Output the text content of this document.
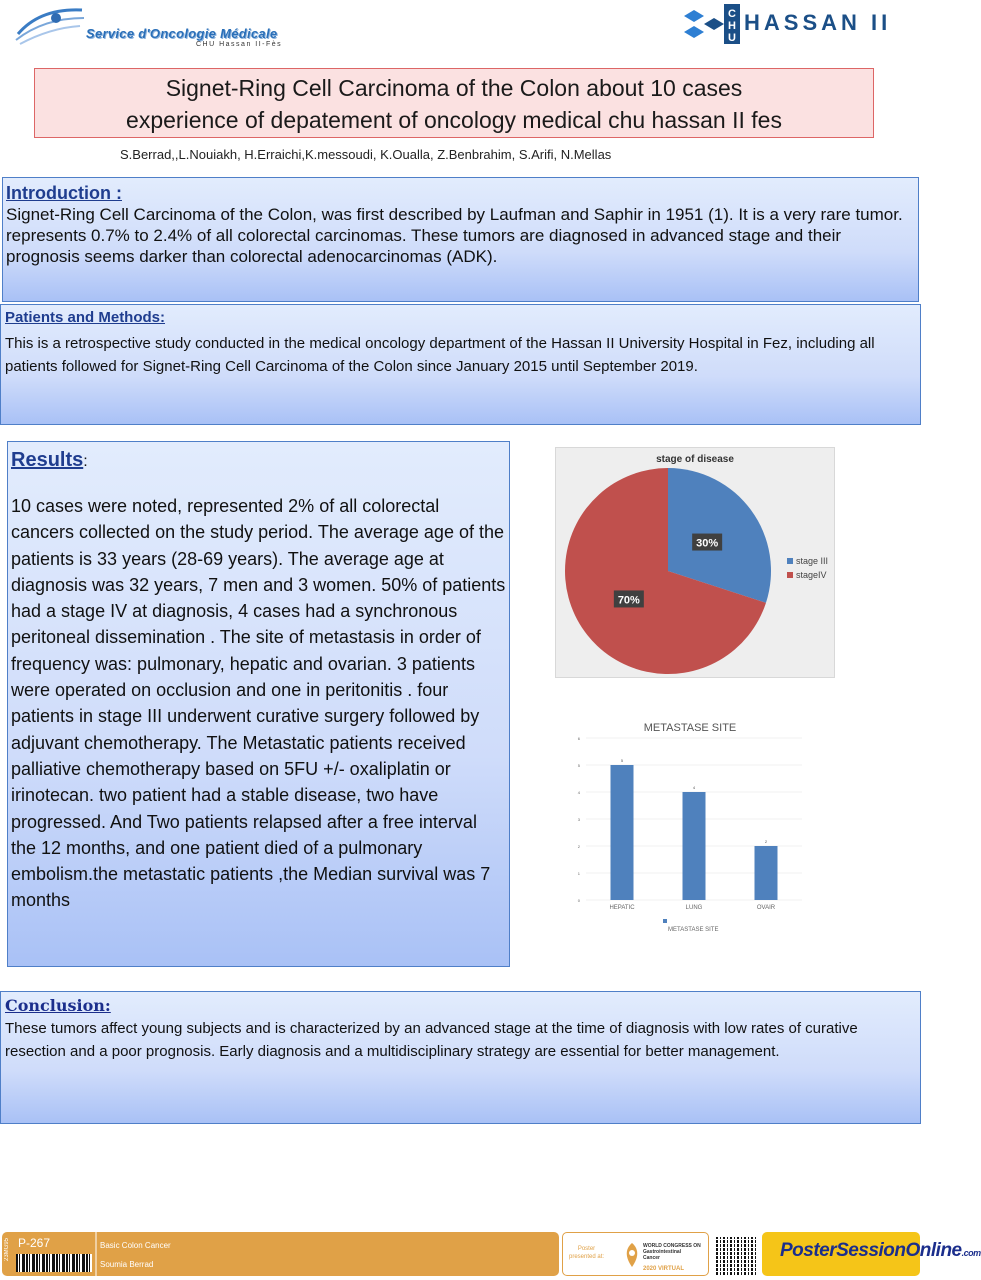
Service d'Oncologie Médicale
CHU Hassan II-Fès
C
H
U
HASSAN II
Signet-Ring Cell Carcinoma of the Colon about 10 cases
experience of depatement of oncology medical chu hassan II fes
S.Berrad,,L.Nouiakh, H.Erraichi,K.messoudi, K.Oualla, Z.Benbrahim, S.Arifi, N.Mellas
Introduction :
Signet-Ring Cell Carcinoma of the Colon, was first described by Laufman and Saphir in 1951 (1). It is a very rare tumor. represents 0.7% to 2.4% of all colorectal carcinomas. These tumors are diagnosed in advanced stage and their prognosis seems darker than colorectal adenocarcinomas (ADK).
Patients and Methods:
This is a retrospective study conducted in the medical oncology department of the Hassan II University Hospital in Fez, including all patients followed for Signet-Ring Cell Carcinoma of the Colon since January 2015 until September 2019.
Results:
10 cases were noted, represented 2% of all colorectal cancers collected on the study period. The average age of the patients is 33 years (28-69 years). The average age at diagnosis was 32 years, 7 men and 3 women. 50% of patients had a stage IV at diagnosis, 4 cases had a synchronous peritoneal dissemination . The site of metastasis in order of frequency was: pulmonary, hepatic and ovarian. 3 patients were operated on occlusion and one in peritonitis . four patients in stage III underwent curative surgery followed by adjuvant chemotherapy. The Metastatic patients received palliative chemotherapy based on 5FU +/- oxaliplatin or irinotecan. two patient had a stable disease, two have progressed. And Two patients relapsed after a free interval the 12 months, and one patient died of a pulmonary embolism.the metastatic patients ,the Median survival was 7 months
stage of disease
30%
70%
stage III
stageIV
METASTASE SITE
0
1
2
3
4
5
6
5
HEPATIC
4
LUNG
2
OVAIR
METASTASE SITE
Conclusion:
These tumors affect young subjects and is characterized by an advanced stage at the time of diagnosis with low rates of curative resection and a poor prognosis. Early diagnosis and a multidisciplinary strategy are essential for better management.
23MG95 P-267	Basic Colon Cancer
Soumia Berrad
Poster
presented at:
WORLD CONGRESS ON
Gastrointestinal
Cancer
2020 VIRTUAL
PosterSessionOnline.com
